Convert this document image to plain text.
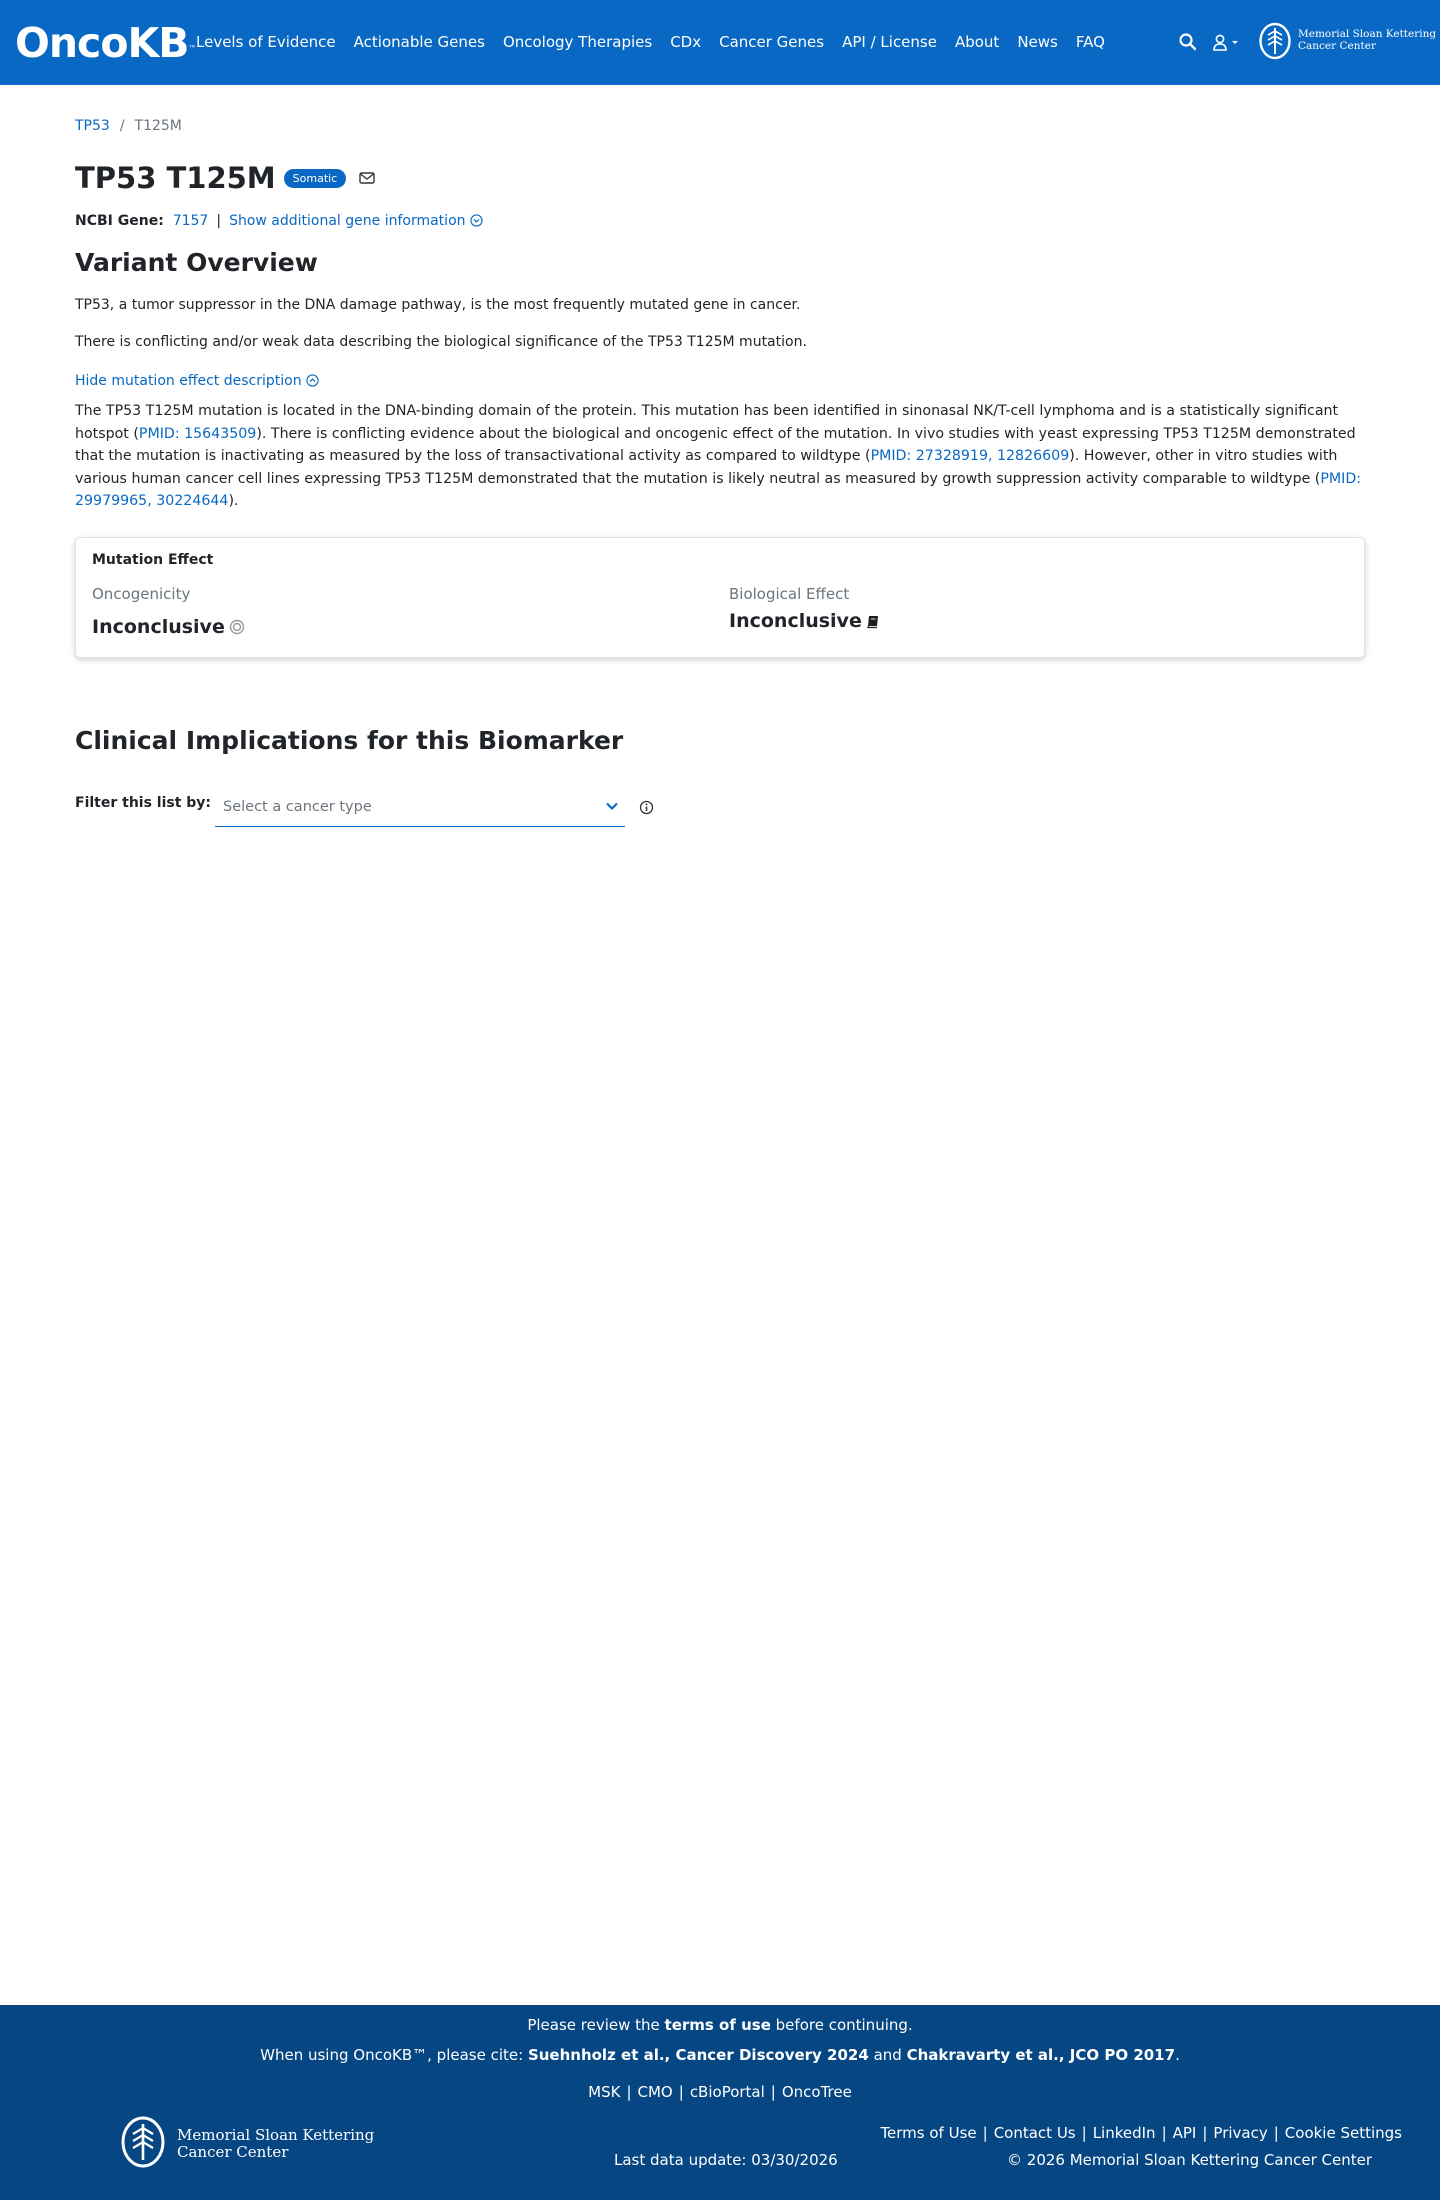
OncoKB™ Levels of Evidence Actionable Genes Oncology Therapies CDx Cancer Genes API / License About News FAQ	Memorial Sloan Kettering
Cancer Center
TP53 / T125M
TP53 T125M	Somatic
NCBI Gene: 7157 | Show additional gene information
Variant Overview

TP53, a tumor suppressor in the DNA damage pathway, is the most frequently mutated gene in cancer.

There is conflicting and/or weak data describing the biological significance of the TP53 T125M mutation.

Hide mutation effect description

The TP53 T125M mutation is located in the DNA-binding domain of the protein. This mutation has been identified in sinonasal NK/T-cell lymphoma and is a statistically significant hotspot (PMID: 15643509). There is conflicting evidence about the biological and oncogenic effect of the mutation. In vivo studies with yeast expressing TP53 T125M demonstrated that the mutation is inactivating as measured by the loss of transactivational activity as compared to wildtype (PMID: 27328919, 12826609). However, other in vitro studies with various human cancer cell lines expressing TP53 T125M demonstrated that the mutation is likely neutral as measured by growth suppression activity comparable to wildtype (PMID: 29979965, 30224644).

Mutation Effect
Oncogenicity
Inconclusive
Biological Effect
Inconclusive
Clinical Implications for this Biomarker
Filter this list by: Select a cancer type
Please review the terms of use before continuing.
When using OncoKB™, please cite: Suehnholz et al., Cancer Discovery 2024 and Chakravarty et al., JCO PO 2017.
MSK | CMO | cBioPortal | OncoTree
Memorial Sloan Kettering
Cancer Center	Last data update: 03/30/2026
Terms of Use | Contact Us | LinkedIn | API | Privacy | Cookie Settings
© 2026 Memorial Sloan Kettering Cancer Center
